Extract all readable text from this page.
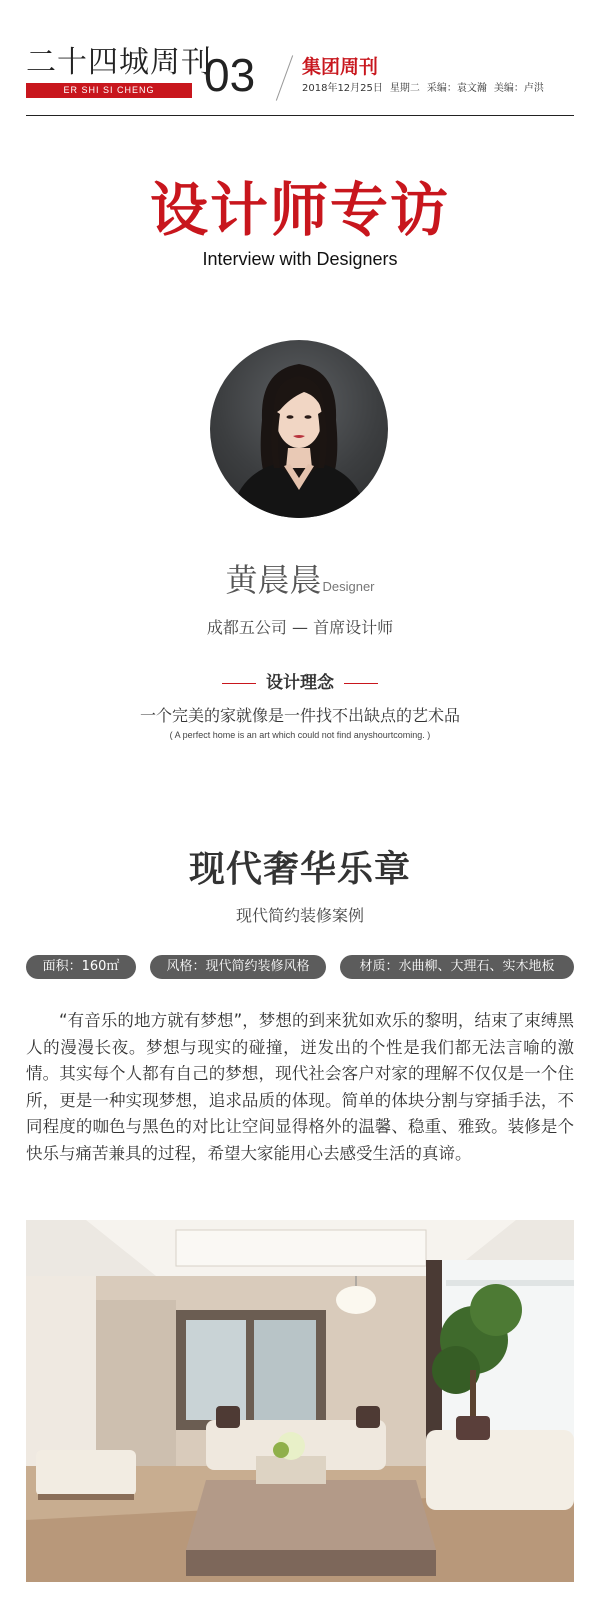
二十四城周刊
ER SHI SI CHENG	03 集团周刊
2018年12月25日 星期二 采编：袁文瀚 美编：卢洪
设计师专访
Interview with Designers
黄晨晨Designer
成都五公司 — 首席设计师
设计理念
一个完美的家就像是一件找不出缺点的艺术品
( A perfect home is an art which could not find anyshourtcoming. )
现代奢华乐章
现代简约装修案例
面积：160㎡	风格：现代简约装修风格	材质：水曲柳、大理石、实木地板
“有音乐的地方就有梦想”，梦想的到来犹如欢乐的黎明，结束了束缚黑人的漫漫长夜。梦想与现实的碰撞，迸发出的个性是我们都无法言喻的激情。其实每个人都有自己的梦想，现代社会客户对家的理解不仅仅是一个住所，更是一种实现梦想，追求品质的体现。简单的体块分割与穿插手法，不同程度的咖色与黑色的对比让空间显得格外的温馨、稳重、雅致。装修是个快乐与痛苦兼具的过程，希望大家能用心去感受生活的真谛。
